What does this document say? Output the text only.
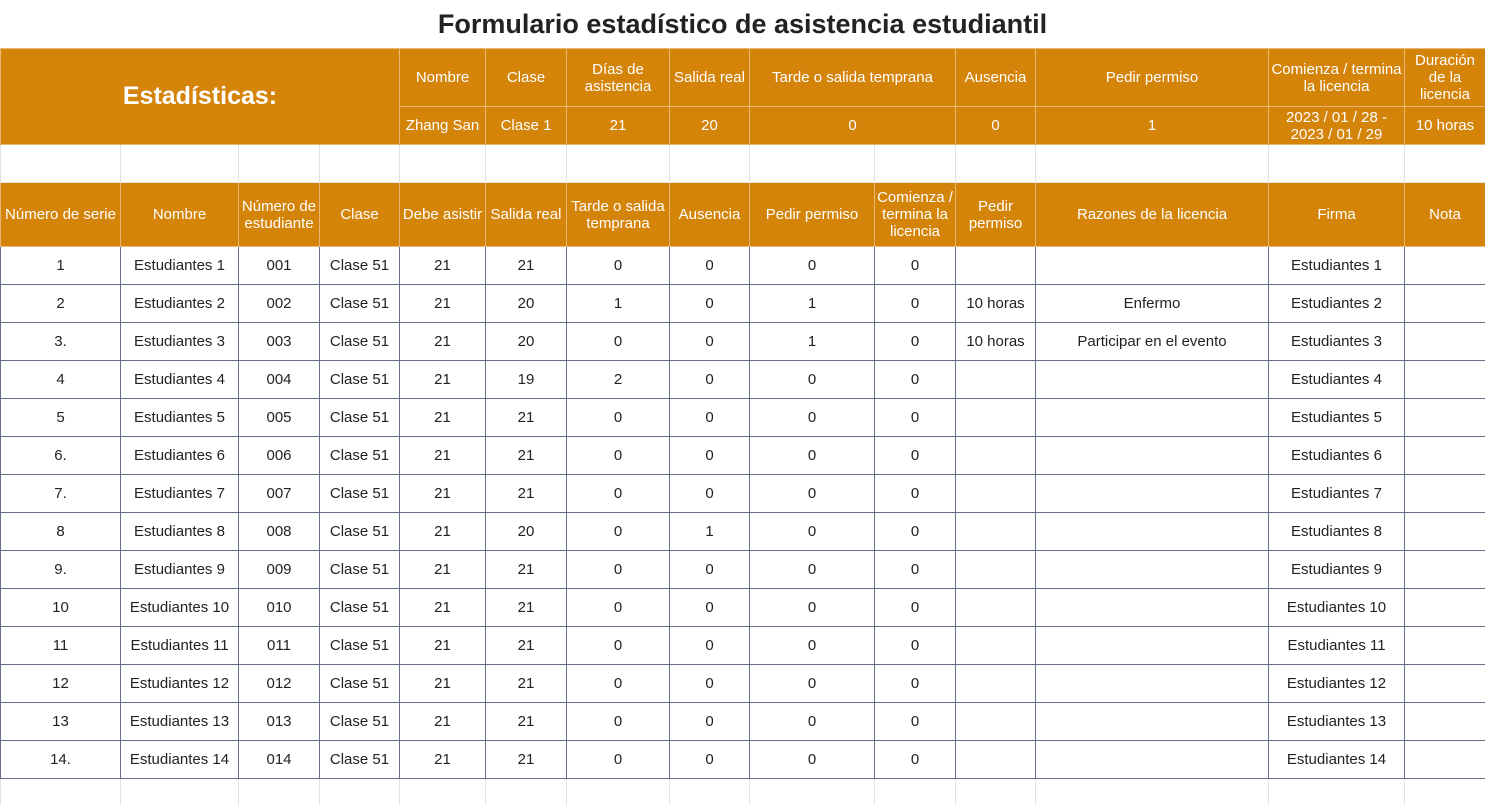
Formulario estadístico de asistencia estudiantil
Estadísticas:				Nombre	Clase	Días de asistencia	Salida real	Tarde o salida temprana		Ausencia	Pedir permiso	Comienza / termina la licencia	Duración de la licencia
				Zhang San	Clase 1	21	20	0		0	1	2023 / 01 / 28 - 2023 / 01 / 29	10 horas

Número de serie	Nombre	Número de estudiante	Clase	Debe asistir	Salida real	Tarde o salida temprana	Ausencia	Pedir permiso	Comienza / termina la licencia	Pedir permiso	Razones de la licencia	Firma	Nota
1	Estudiantes 1	001	Clase 51	21	21	0	0	0	0			Estudiantes 1	
2	Estudiantes 2	002	Clase 51	21	20	1	0	1	0	10 horas	Enfermo	Estudiantes 2	
3.	Estudiantes 3	003	Clase 51	21	20	0	0	1	0	10 horas	Participar en el evento	Estudiantes 3	
4	Estudiantes 4	004	Clase 51	21	19	2	0	0	0			Estudiantes 4	
5	Estudiantes 5	005	Clase 51	21	21	0	0	0	0			Estudiantes 5	
6.	Estudiantes 6	006	Clase 51	21	21	0	0	0	0			Estudiantes 6	
7.	Estudiantes 7	007	Clase 51	21	21	0	0	0	0			Estudiantes 7	
8	Estudiantes 8	008	Clase 51	21	20	0	1	0	0			Estudiantes 8	
9.	Estudiantes 9	009	Clase 51	21	21	0	0	0	0			Estudiantes 9	
10	Estudiantes 10	010	Clase 51	21	21	0	0	0	0			Estudiantes 10	
11	Estudiantes 11	011	Clase 51	21	21	0	0	0	0			Estudiantes 11	
12	Estudiantes 12	012	Clase 51	21	21	0	0	0	0			Estudiantes 12	
13	Estudiantes 13	013	Clase 51	21	21	0	0	0	0			Estudiantes 13	
14.	Estudiantes 14	014	Clase 51	21	21	0	0	0	0			Estudiantes 14	
